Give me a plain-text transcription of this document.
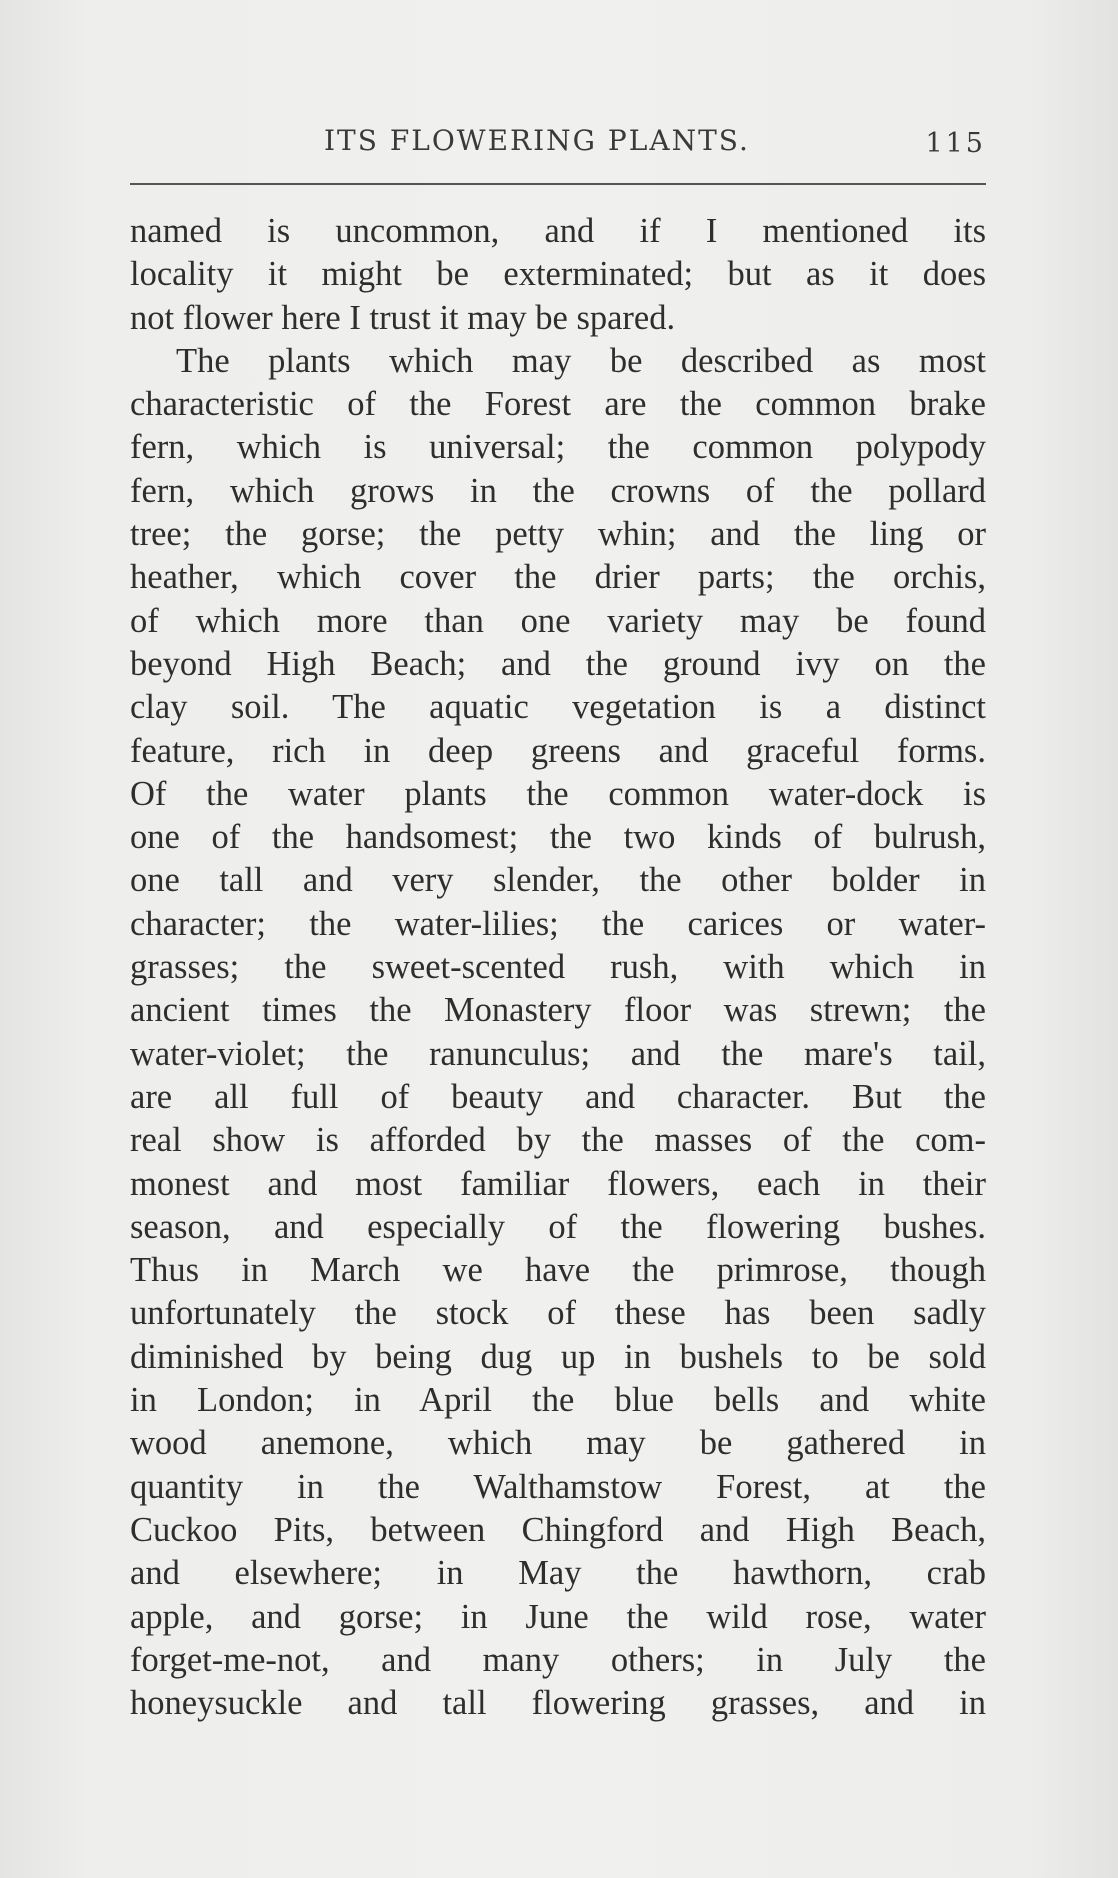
ITS FLOWERING PLANTS.	115
named is uncommon, and if I mentioned its
locality it might be exterminated; but as it does
not flower here I trust it may be spared.
The plants which may be described as most
characteristic of the Forest are the common brake
fern, which is universal; the common polypody
fern, which grows in the crowns of the pollard
tree; the gorse; the petty whin; and the ling or
heather, which cover the drier parts; the orchis,
of which more than one variety may be found
beyond High Beach; and the ground ivy on the
clay soil. The aquatic vegetation is a distinct
feature, rich in deep greens and graceful forms.
Of the water plants the common water-dock is
one of the handsomest; the two kinds of bulrush,
one tall and very slender, the other bolder in
character; the water-lilies; the carices or water-
grasses; the sweet-scented rush, with which in
ancient times the Monastery floor was strewn; the
water-violet; the ranunculus; and the mare's tail,
are all full of beauty and character. But the
real show is afforded by the masses of the com-
monest and most familiar flowers, each in their
season, and especially of the flowering bushes.
Thus in March we have the primrose, though
unfortunately the stock of these has been sadly
diminished by being dug up in bushels to be sold
in London; in April the blue bells and white
wood anemone, which may be gathered in
quantity in the Walthamstow Forest, at the
Cuckoo Pits, between Chingford and High Beach,
and elsewhere; in May the hawthorn, crab
apple, and gorse; in June the wild rose, water
forget-me-not, and many others; in July the
honeysuckle and tall flowering grasses, and in
